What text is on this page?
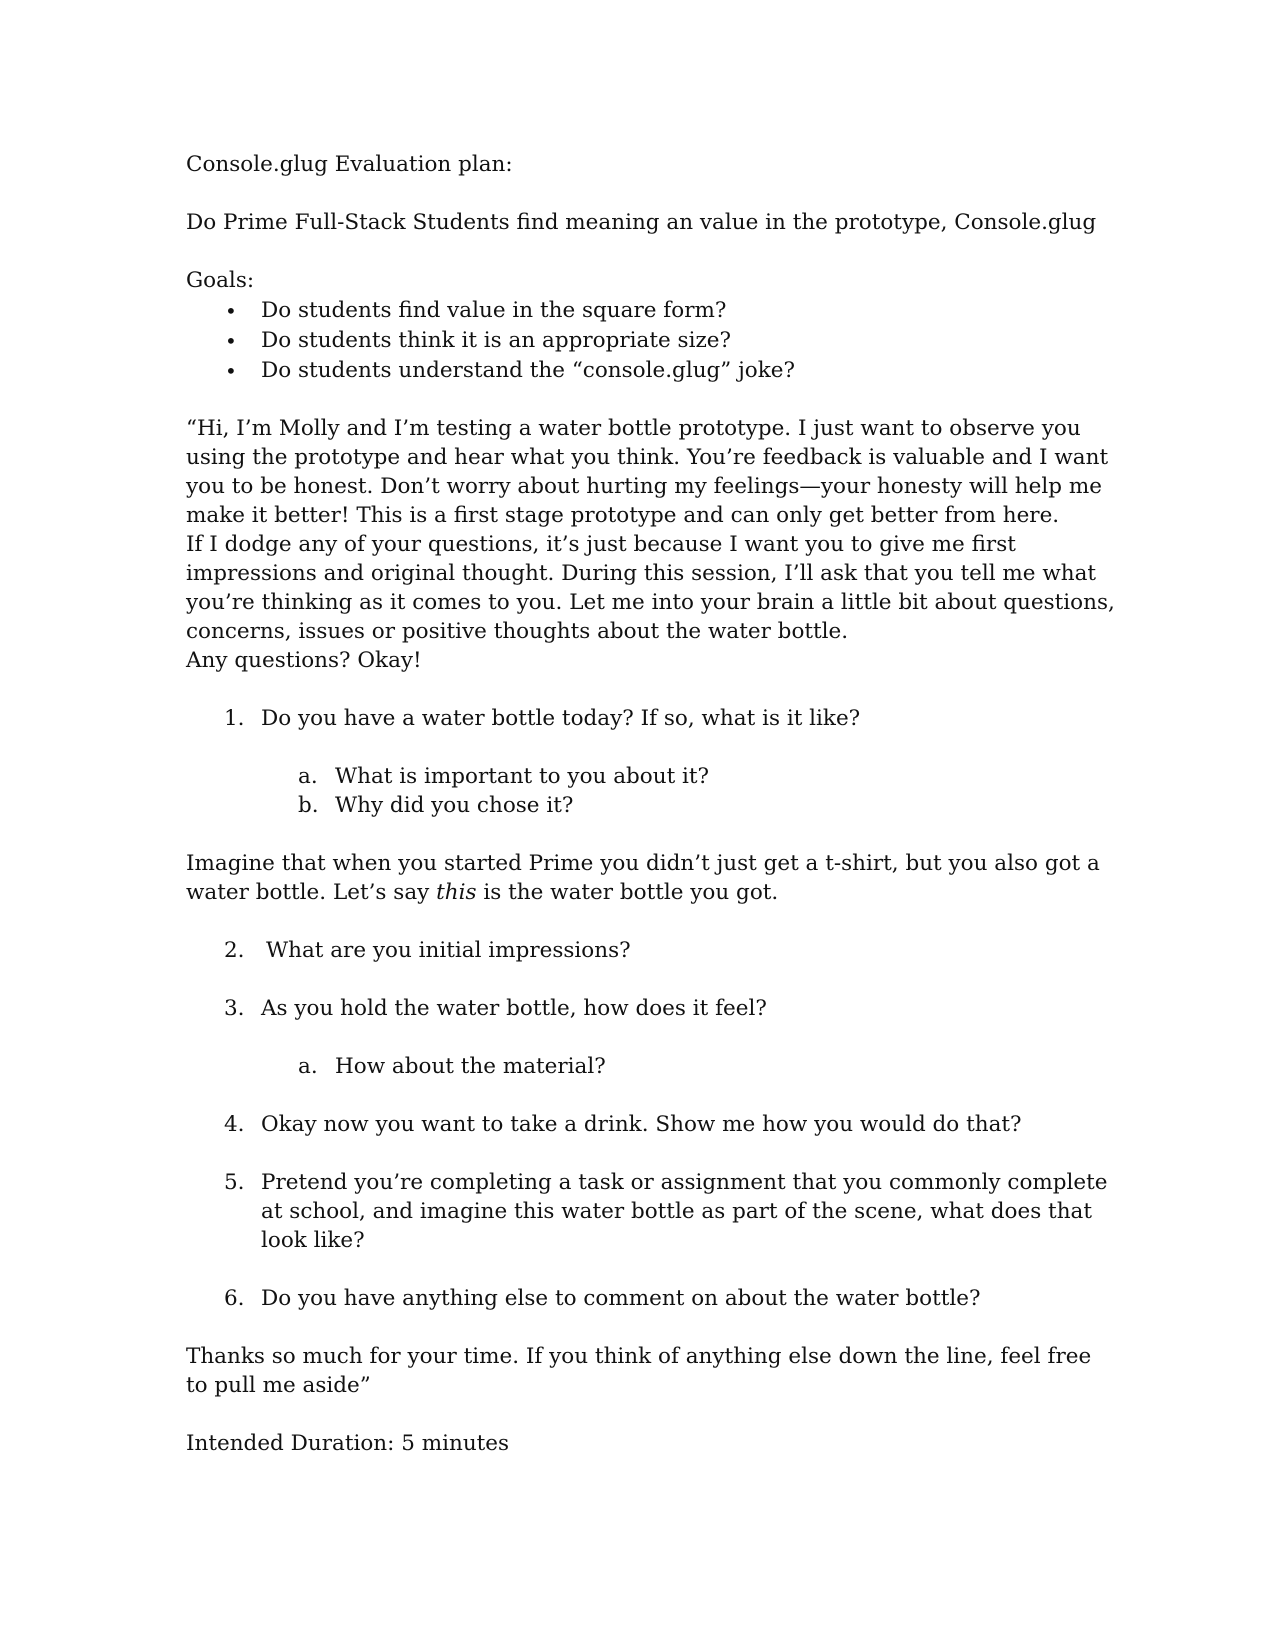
Console.glug Evaluation plan:
Do Prime Full-Stack Students find meaning an value in the prototype, Console.glug
Goals:
• Do students find value in the square form?
• Do students think it is an appropriate size?
• Do students understand the “console.glug” joke?
“Hi, I’m Molly and I’m testing a water bottle prototype. I just want to observe you
using the prototype and hear what you think. You’re feedback is valuable and I want
you to be honest. Don’t worry about hurting my feelings—your honesty will help me
make it better! This is a first stage prototype and can only get better from here.
If I dodge any of your questions, it’s just because I want you to give me first
impressions and original thought. During this session, I’ll ask that you tell me what
you’re thinking as it comes to you. Let me into your brain a little bit about questions,
concerns, issues or positive thoughts about the water bottle.
Any questions? Okay!
1. Do you have a water bottle today? If so, what is it like?
a. What is important to you about it?
b. Why did you chose it?
Imagine that when you started Prime you didn’t just get a t-shirt, but you also got a
water bottle. Let’s say this is the water bottle you got.
2. What are you initial impressions?
3. As you hold the water bottle, how does it feel?
a. How about the material?
4. Okay now you want to take a drink. Show me how you would do that?
5. Pretend you’re completing a task or assignment that you commonly complete
at school, and imagine this water bottle as part of the scene, what does that
look like?
6. Do you have anything else to comment on about the water bottle?
Thanks so much for your time. If you think of anything else down the line, feel free
to pull me aside”
Intended Duration: 5 minutes
